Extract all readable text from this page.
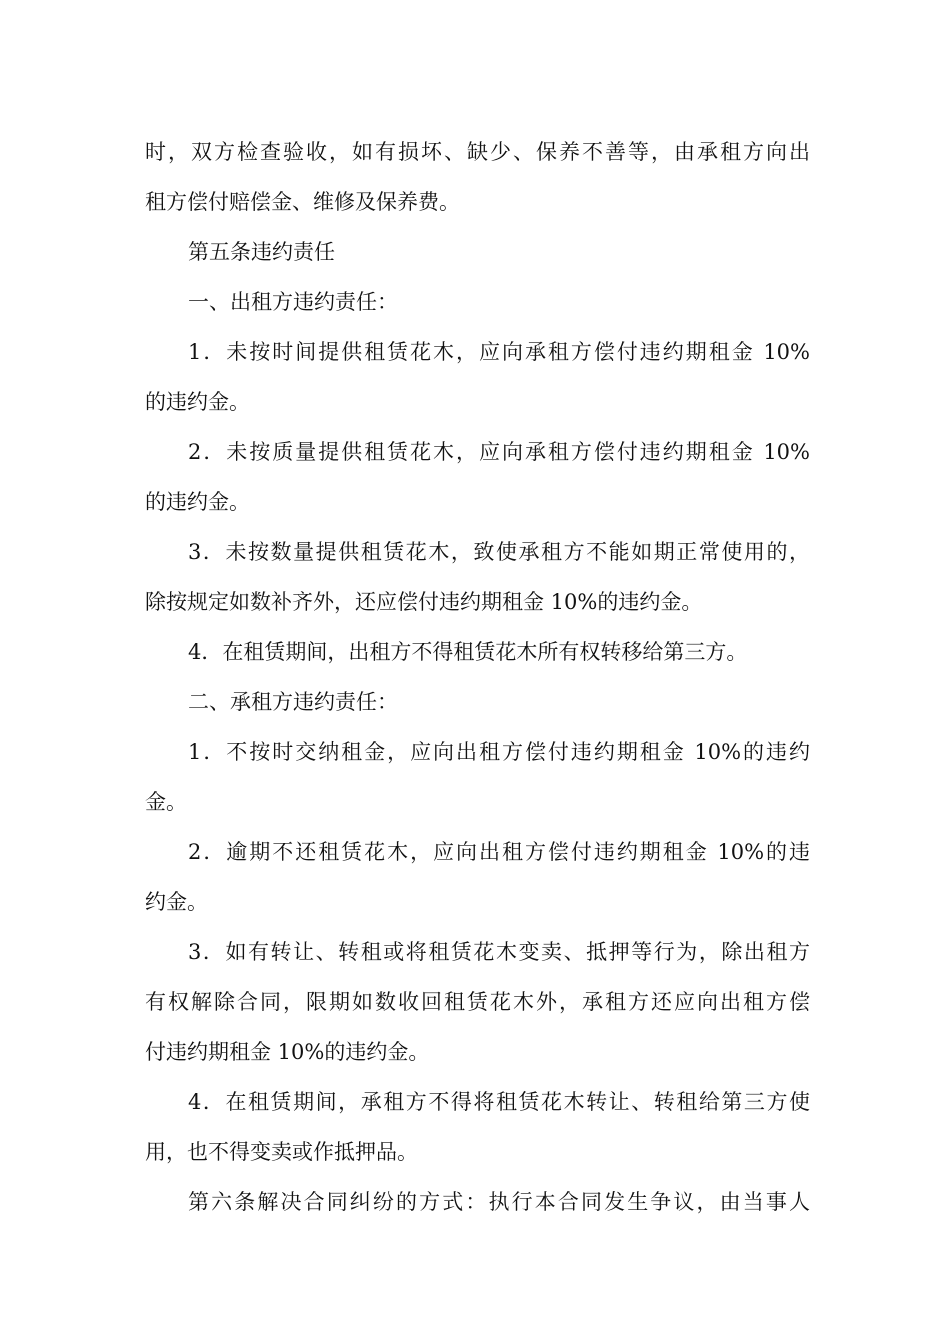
时，双方检查验收，如有损坏、缺少、保养不善等，由承租方向出
租方偿付赔偿金、维修及保养费。
第五条违约责任
一、出租方违约责任：
1．未按时间提供租赁花木，应向承租方偿付违约期租金 10%
的违约金。
2．未按质量提供租赁花木，应向承租方偿付违约期租金 10%
的违约金。
3．未按数量提供租赁花木，致使承租方不能如期正常使用的，
除按规定如数补齐外，还应偿付违约期租金 10%的违约金。
4．在租赁期间，出租方不得租赁花木所有权转移给第三方。
二、承租方违约责任：
1．不按时交纳租金，应向出租方偿付违约期租金 10%的违约
金。
2．逾期不还租赁花木，应向出租方偿付违约期租金 10%的违
约金。
3．如有转让、转租或将租赁花木变卖、抵押等行为，除出租方
有权解除合同，限期如数收回租赁花木外，承租方还应向出租方偿
付违约期租金 10%的违约金。
4．在租赁期间，承租方不得将租赁花木转让、转租给第三方使
用，也不得变卖或作抵押品。
第六条解决合同纠纷的方式：执行本合同发生争议，由当事人
